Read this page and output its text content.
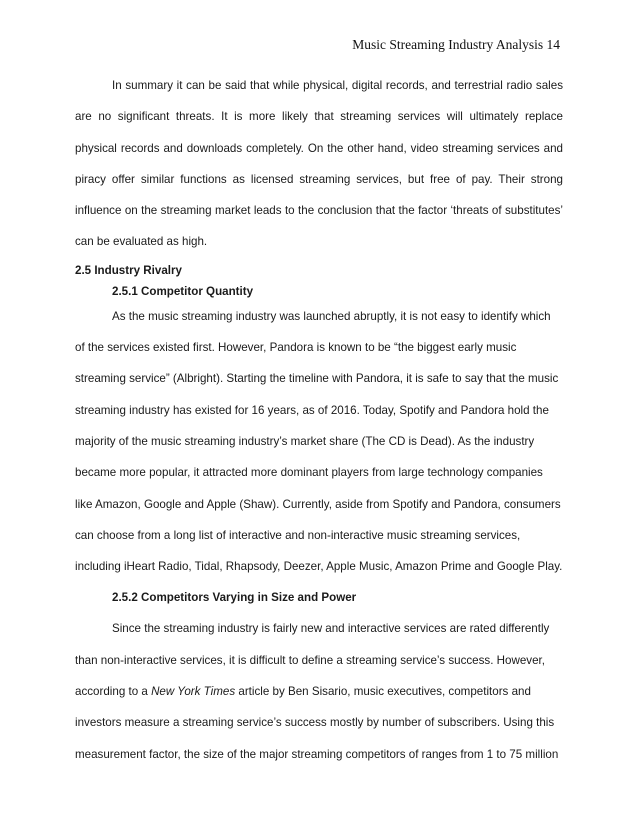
Music Streaming Industry Analysis 14

In summary it can be said that while physical, digital records, and terrestrial radio sales are no significant threats. It is more likely that streaming services will ultimately replace physical records and downloads completely. On the other hand, video streaming services and piracy offer similar functions as licensed streaming services, but free of pay. Their strong influence on the streaming market leads to the conclusion that the factor ‘threats of substitutes’ can be evaluated as high.

2.5 Industry Rivalry

2.5.1 Competitor Quantity

As the music streaming industry was launched abruptly, it is not easy to identify which of the services existed first. However, Pandora is known to be “the biggest early music streaming service” (Albright). Starting the timeline with Pandora, it is safe to say that the music streaming industry has existed for 16 years, as of 2016. Today, Spotify and Pandora hold the majority of the music streaming industry’s market share (The CD is Dead). As the industry became more popular, it attracted more dominant players from large technology companies like Amazon, Google and Apple (Shaw). Currently, aside from Spotify and Pandora, consumers can choose from a long list of interactive and non-interactive music streaming services, including iHeart Radio, Tidal, Rhapsody, Deezer, Apple Music, Amazon Prime and Google Play.

2.5.2 Competitors Varying in Size and Power

Since the streaming industry is fairly new and interactive services are rated differently than non-interactive services, it is difficult to define a streaming service’s success. However, according to a New York Times article by Ben Sisario, music executives, competitors and investors measure a streaming service’s success mostly by number of subscribers. Using this measurement factor, the size of the major streaming competitors of ranges from 1 to 75 million
